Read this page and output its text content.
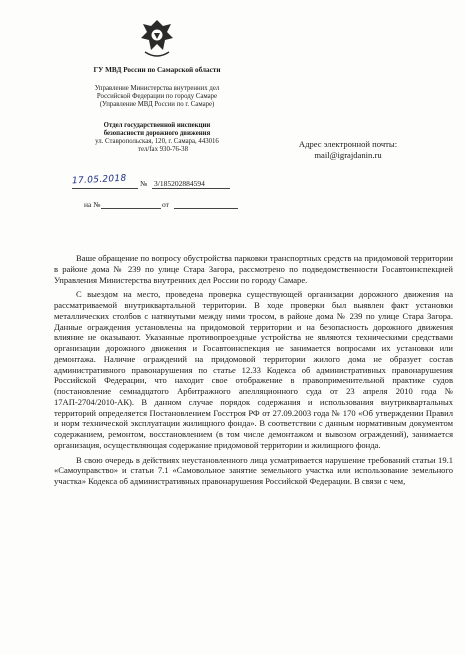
ГУ МВД России по Самарской области
Управление Министерства внутренних дел
Российской Федерации по городу Самаре
(Управление МВД России по г. Самаре)
Отдел государственной инспекции
безопасности дорожного движения
ул. Ставропольская, 120, г. Самара, 443016
тел/fax 930-76-38
17.05.2018 № 3/185202884594
на №	от
Адрес электронной почты:
mail@igrajdanin.ru

Ваше обращение по вопросу обустройства парковки транспортных средств на придомовой территории в районе дома № 239 по улице Стара Загора, рассмотрено по подведомственности Госавтоинспекцией Управления Министерства внутренних дел России по городу Самаре.

С выездом на место, проведена проверка существующей организации дорожного движения на рассматриваемой внутриквартальной территории. В ходе проверки был выявлен факт установки металлических столбов с натянутыми между ними тросом, в районе дома № 239 по улице Стара Загора. Данные ограждения установлены на придомовой территории и на безопасность дорожного движения влияние не оказывают. Указанные противопроездные устройства не являются техническими средствами организации дорожного движения и Госавтоинспекция не занимается вопросами их установки или демонтажа. Наличие ограждений на придомовой территории жилого дома не образует состав административного правонарушения по статье 12.33 Кодекса об административных правонарушения Российской Федерации, что находит свое отображение в правоприменительной практике судов (постановление семнадцатого Арбитражного апелляционного суда от 23 апреля 2010 года № 17АП-2704/2010-АК). В данном случае порядок содержания и использования внутриквартальных территорий определяется Постановлением Госстроя РФ от 27.09.2003 года № 170 «Об утверждении Правил и норм технической эксплуатации жилищного фонда». В соответствии с данным нормативным документом содержанием, ремонтом, восстановлением (в том числе демонтажом и вывозом ограждений), занимается организация, осуществляющая содержание придомовой территории и жилищного фонда.

В свою очередь в действиях неустановленного лица усматривается нарушение требований статьи 19.1 «Самоуправство» и статьи 7.1 «Самовольное занятие земельного участка или использование земельного участка» Кодекса об административных правонарушения Российской Федерации. В связи с чем,
